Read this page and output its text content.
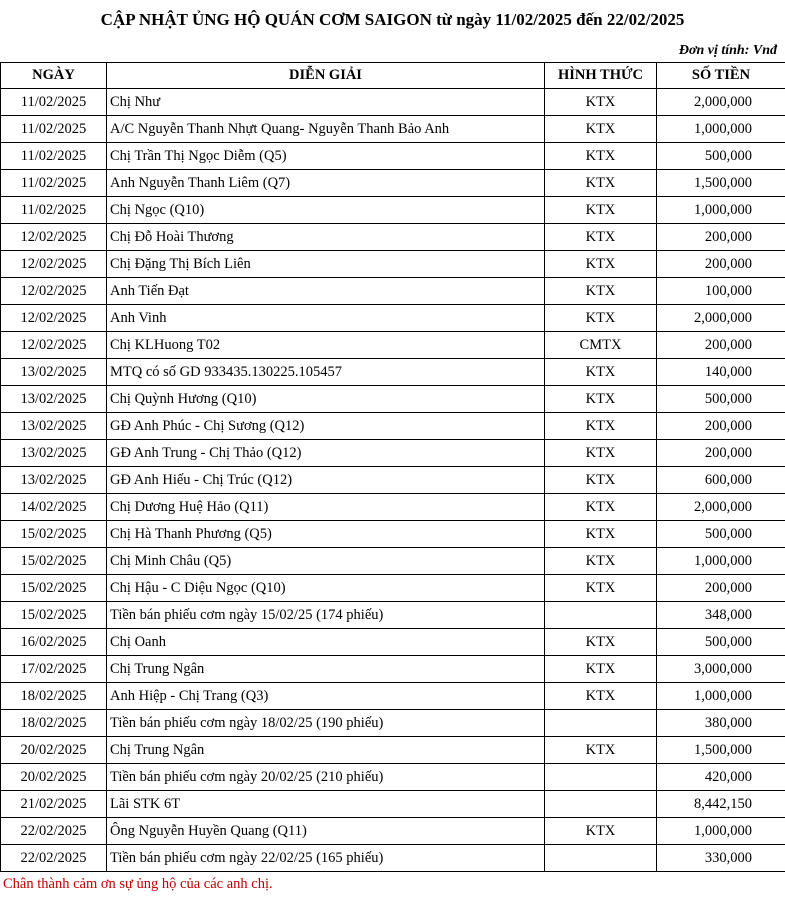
CẬP NHẬT ỦNG HỘ QUÁN CƠM SAIGON từ ngày 11/02/2025 đến 22/02/2025
Đơn vị tính: Vnđ
NGÀY	DIỄN GIẢI	HÌNH THỨC	SỐ TIỀN
11/02/2025	Chị Như	KTX	2,000,000
11/02/2025	A/C Nguyễn Thanh Nhựt Quang- Nguyễn Thanh Bảo Anh	KTX	1,000,000
11/02/2025	Chị Trần Thị Ngọc Diễm (Q5)	KTX	500,000
11/02/2025	Anh Nguyễn Thanh Liêm (Q7)	KTX	1,500,000
11/02/2025	Chị Ngọc (Q10)	KTX	1,000,000
12/02/2025	Chị Đỗ Hoài Thương	KTX	200,000
12/02/2025	Chị Đặng Thị Bích Liên	KTX	200,000
12/02/2025	Anh Tiến Đạt	KTX	100,000
12/02/2025	Anh Vinh	KTX	2,000,000
12/02/2025	Chị KLHuong T02	CMTX	200,000
13/02/2025	MTQ có số GD 933435.130225.105457	KTX	140,000
13/02/2025	Chị Quỳnh Hương (Q10)	KTX	500,000
13/02/2025	GĐ Anh Phúc - Chị Sương (Q12)	KTX	200,000
13/02/2025	GĐ Anh Trung - Chị Thảo (Q12)	KTX	200,000
13/02/2025	GĐ Anh Hiếu - Chị Trúc (Q12)	KTX	600,000
14/02/2025	Chị Dương Huệ Hảo (Q11)	KTX	2,000,000
15/02/2025	Chị Hà Thanh Phương (Q5)	KTX	500,000
15/02/2025	Chị Minh Châu (Q5)	KTX	1,000,000
15/02/2025	Chị Hậu - C Diệu Ngọc (Q10)	KTX	200,000
15/02/2025	Tiền bán phiếu cơm ngày 15/02/25 (174 phiếu)		348,000
16/02/2025	Chị Oanh	KTX	500,000
17/02/2025	Chị Trung Ngân	KTX	3,000,000
18/02/2025	Anh Hiệp - Chị Trang (Q3)	KTX	1,000,000
18/02/2025	Tiền bán phiếu cơm ngày 18/02/25 (190 phiếu)		380,000
20/02/2025	Chị Trung Ngân	KTX	1,500,000
20/02/2025	Tiền bán phiếu cơm ngày 20/02/25 (210 phiếu)		420,000
21/02/2025	Lãi STK 6T		8,442,150
22/02/2025	Ông Nguyễn Huyền Quang (Q11)	KTX	1,000,000
22/02/2025	Tiền bán phiếu cơm ngày 22/02/25 (165 phiếu)		330,000
Chân thành cảm ơn sự ủng hộ của các anh chị.
